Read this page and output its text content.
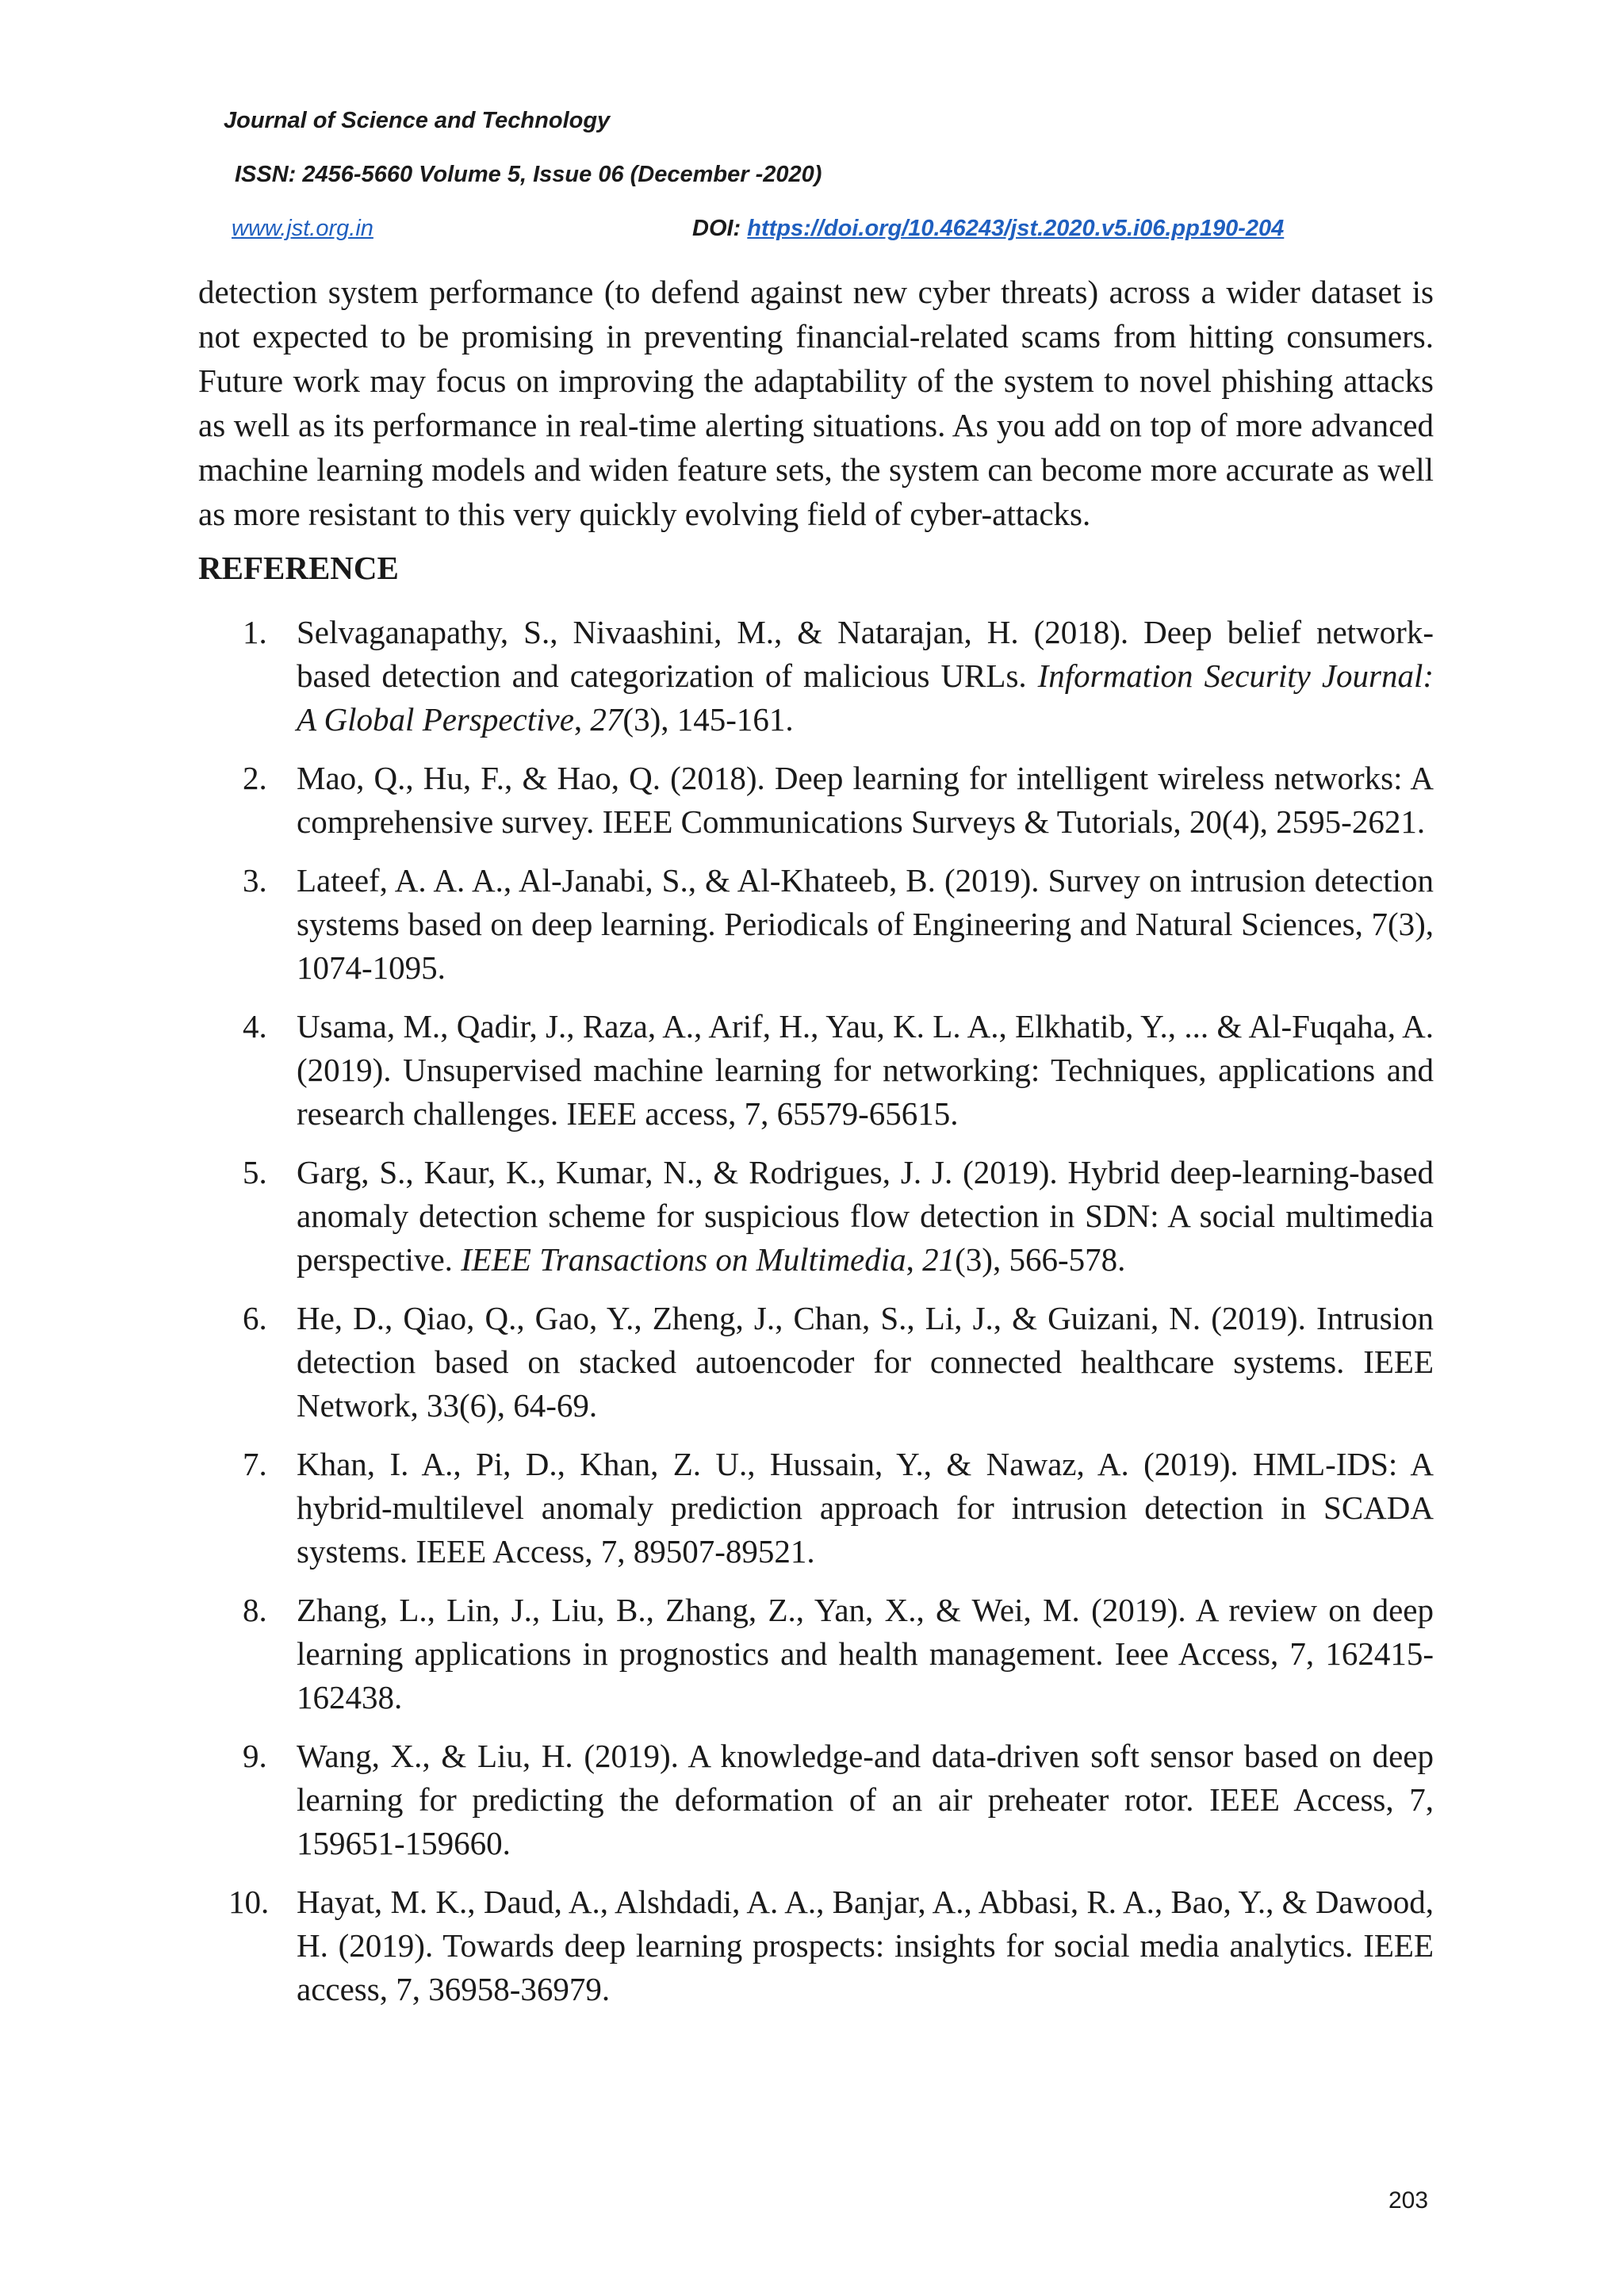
Journal of Science and Technology
ISSN: 2456-5660 Volume 5, Issue 06 (December -2020)
www.jst.org.in	DOI: https://doi.org/10.46243/jst.2020.v5.i06.pp190-204

detection system performance (to defend against new cyber threats) across a wider dataset is not expected to be promising in preventing financial-related scams from hitting consumers. Future work may focus on improving the adaptability of the system to novel phishing attacks as well as its performance in real-time alerting situations. As you add on top of more advanced machine learning models and widen feature sets, the system can become more accurate as well as more resistant to this very quickly evolving field of cyber-attacks.

REFERENCE
1. Selvaganapathy, S., Nivaashini, M., & Natarajan, H. (2018). Deep belief network-based detection and categorization of malicious URLs. Information Security Journal: A Global Perspective, 27(3), 145-161.
2. Mao, Q., Hu, F., & Hao, Q. (2018). Deep learning for intelligent wireless networks: A comprehensive survey. IEEE Communications Surveys & Tutorials, 20(4), 2595-2621.
3. Lateef, A. A. A., Al-Janabi, S., & Al-Khateeb, B. (2019). Survey on intrusion detection systems based on deep learning. Periodicals of Engineering and Natural Sciences, 7(3), 1074-1095.
4. Usama, M., Qadir, J., Raza, A., Arif, H., Yau, K. L. A., Elkhatib, Y., ... & Al-Fuqaha, A. (2019). Unsupervised machine learning for networking: Techniques, applications and research challenges. IEEE access, 7, 65579-65615.
5. Garg, S., Kaur, K., Kumar, N., & Rodrigues, J. J. (2019). Hybrid deep-learning-based anomaly detection scheme for suspicious flow detection in SDN: A social multimedia perspective. IEEE Transactions on Multimedia, 21(3), 566-578.
6. He, D., Qiao, Q., Gao, Y., Zheng, J., Chan, S., Li, J., & Guizani, N. (2019). Intrusion detection based on stacked autoencoder for connected healthcare systems. IEEE Network, 33(6), 64-69.
7. Khan, I. A., Pi, D., Khan, Z. U., Hussain, Y., & Nawaz, A. (2019). HML-IDS: A hybrid-multilevel anomaly prediction approach for intrusion detection in SCADA systems. IEEE Access, 7, 89507-89521.
8. Zhang, L., Lin, J., Liu, B., Zhang, Z., Yan, X., & Wei, M. (2019). A review on deep learning applications in prognostics and health management. Ieee Access, 7, 162415-162438.
9. Wang, X., & Liu, H. (2019). A knowledge-and data-driven soft sensor based on deep learning for predicting the deformation of an air preheater rotor. IEEE Access, 7, 159651-159660.
10. Hayat, M. K., Daud, A., Alshdadi, A. A., Banjar, A., Abbasi, R. A., Bao, Y., & Dawood, H. (2019). Towards deep learning prospects: insights for social media analytics. IEEE access, 7, 36958-36979.
203
